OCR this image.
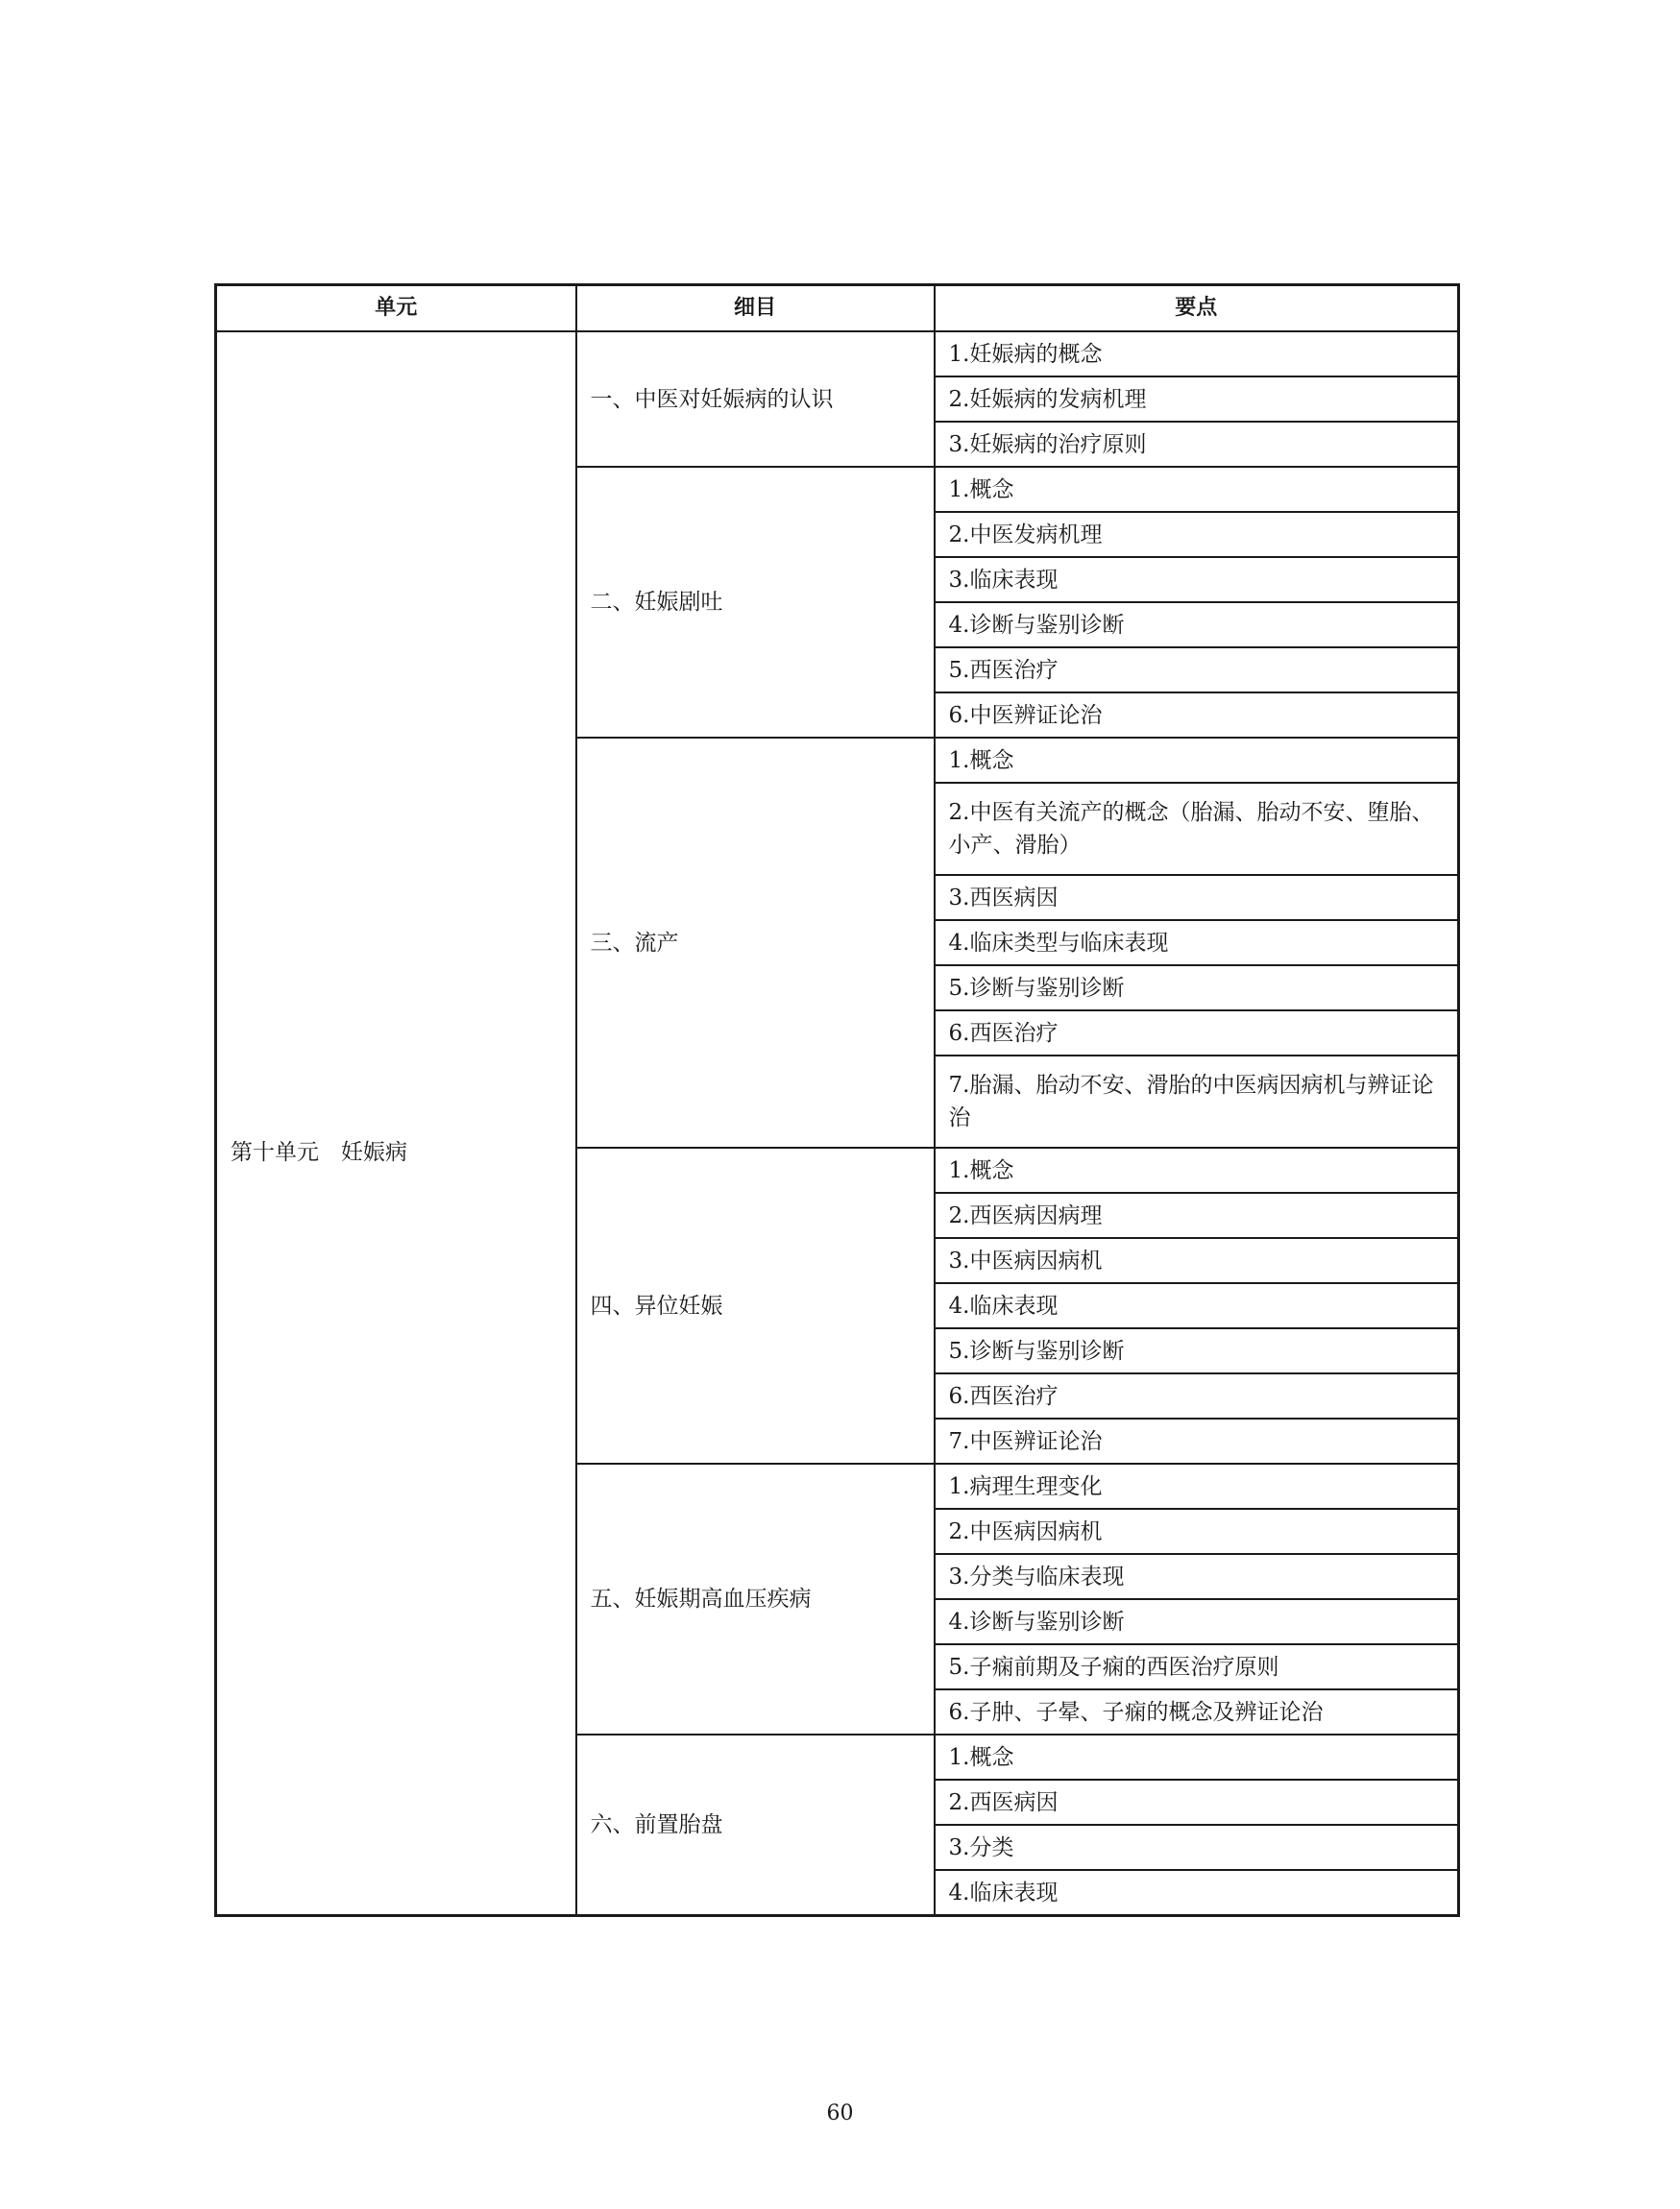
单元	细目	要点
第十单元　妊娠病	一、中医对妊娠病的认识	1.妊娠病的概念
		2.妊娠病的发病机理
		3.妊娠病的治疗原则
	二、妊娠剧吐	1.概念
		2.中医发病机理
		3.临床表现
		4.诊断与鉴别诊断
		5.西医治疗
		6.中医辨证论治
	三、流产	1.概念
		2.中医有关流产的概念（胎漏、胎动不安、堕胎、小产、滑胎）
		3.西医病因
		4.临床类型与临床表现
		5.诊断与鉴别诊断
		6.西医治疗
		7.胎漏、胎动不安、滑胎的中医病因病机与辨证论治
	四、异位妊娠	1.概念
		2.西医病因病理
		3.中医病因病机
		4.临床表现
		5.诊断与鉴别诊断
		6.西医治疗
		7.中医辨证论治
	五、妊娠期高血压疾病	1.病理生理变化
		2.中医病因病机
		3.分类与临床表现
		4.诊断与鉴别诊断
		5.子痫前期及子痫的西医治疗原则
		6.子肿、子晕、子痫的概念及辨证论治
	六、前置胎盘	1.概念
		2.西医病因
		3.分类
		4.临床表现
60
